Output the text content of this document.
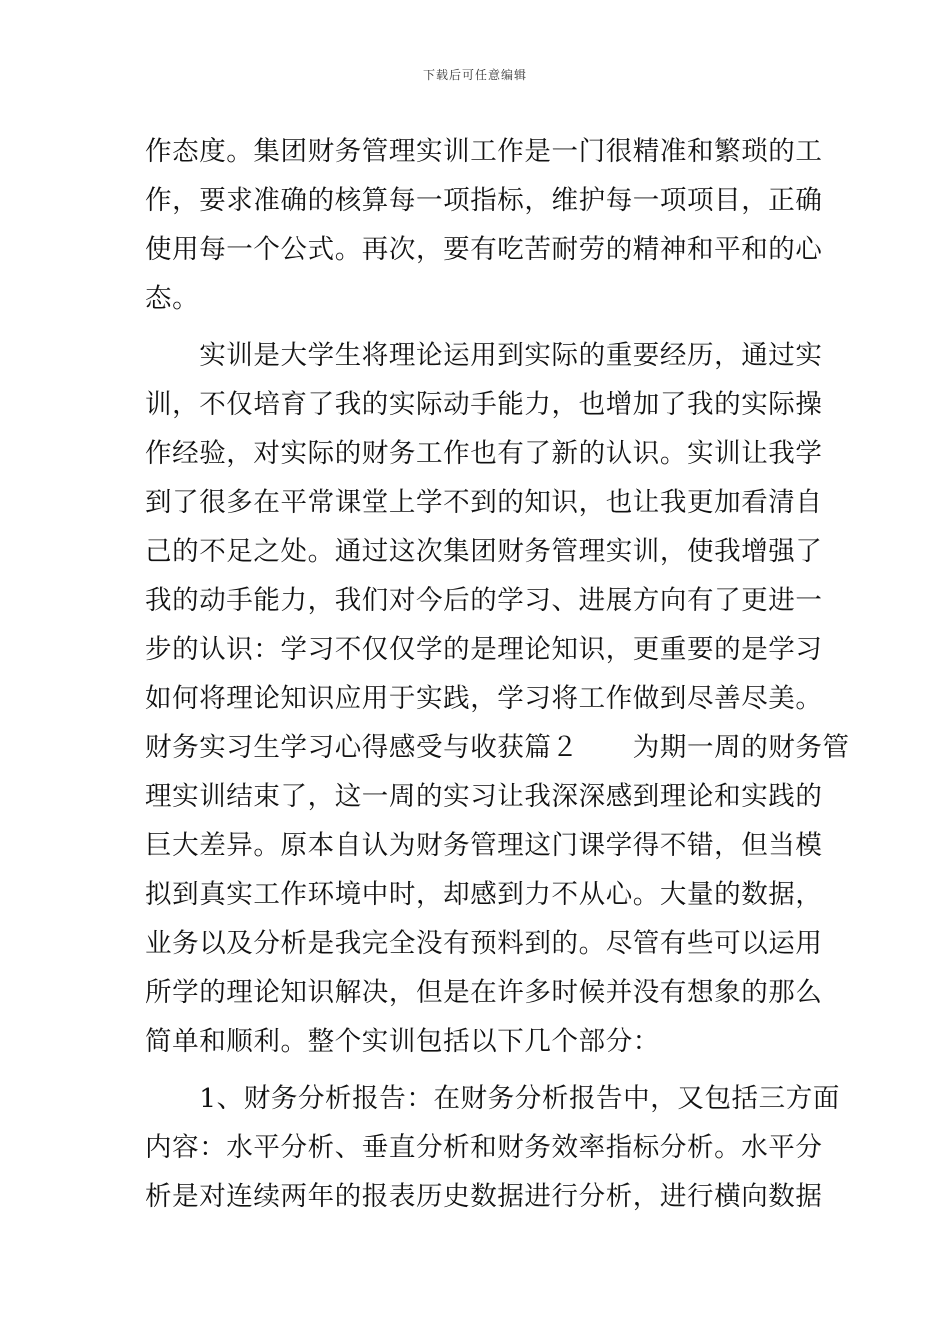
下载后可任意编辑
作态度。集团财务管理实训工作是一门很精准和繁琐的工
作，要求准确的核算每一项指标，维护每一项项目，正确
使用每一个公式。再次，要有吃苦耐劳的精神和平和的心
态。
　　实训是大学生将理论运用到实际的重要经历，通过实
训，不仅培育了我的实际动手能力，也增加了我的实际操
作经验，对实际的财务工作也有了新的认识。实训让我学
到了很多在平常课堂上学不到的知识，也让我更加看清自
己的不足之处。通过这次集团财务管理实训，使我增强了
我的动手能力，我们对今后的学习、进展方向有了更进一
步的认识：学习不仅仅学的是理论知识，更重要的是学习
如何将理论知识应用于实践，学习将工作做到尽善尽美。
财务实习生学习心得感受与收获篇２　　为期一周的财务管
理实训结束了，这一周的实习让我深深感到理论和实践的
巨大差异。原本自认为财务管理这门课学得不错，但当模
拟到真实工作环境中时，却感到力不从心。大量的数据，
业务以及分析是我完全没有预料到的。尽管有些可以运用
所学的理论知识解决，但是在许多时候并没有想象的那么
简单和顺利。整个实训包括以下几个部分：
　　1、财务分析报告：在财务分析报告中，又包括三方面
内容：水平分析、垂直分析和财务效率指标分析。水平分
析是对连续两年的报表历史数据进行分析，进行横向数据
